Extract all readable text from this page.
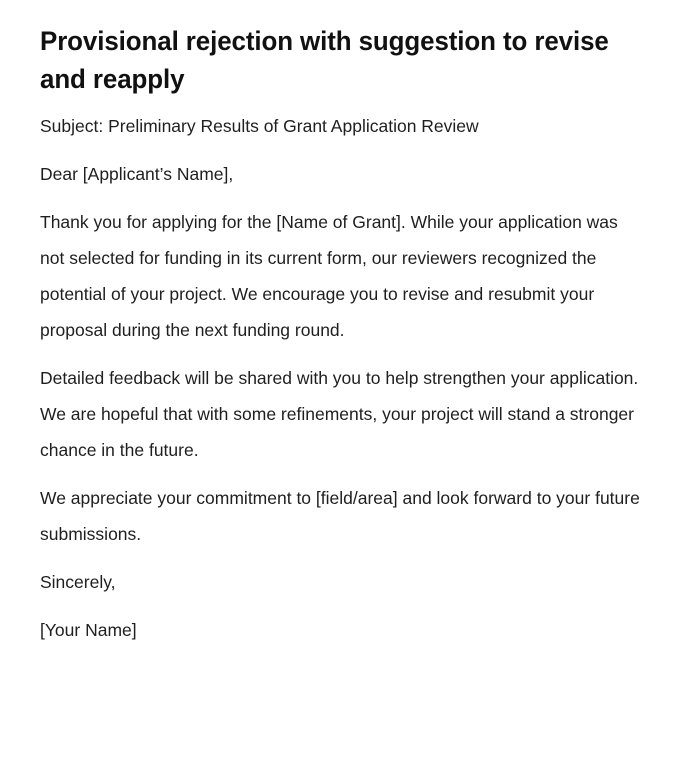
Provisional rejection with suggestion to revise and reapply

Subject: Preliminary Results of Grant Application Review

Dear [Applicant’s Name],

Thank you for applying for the [Name of Grant]. While your application was not selected for funding in its current form, our reviewers recognized the potential of your project. We encourage you to revise and resubmit your proposal during the next funding round.

Detailed feedback will be shared with you to help strengthen your application. We are hopeful that with some refinements, your project will stand a stronger chance in the future.

We appreciate your commitment to [field/area] and look forward to your future submissions.

Sincerely,

[Your Name]
